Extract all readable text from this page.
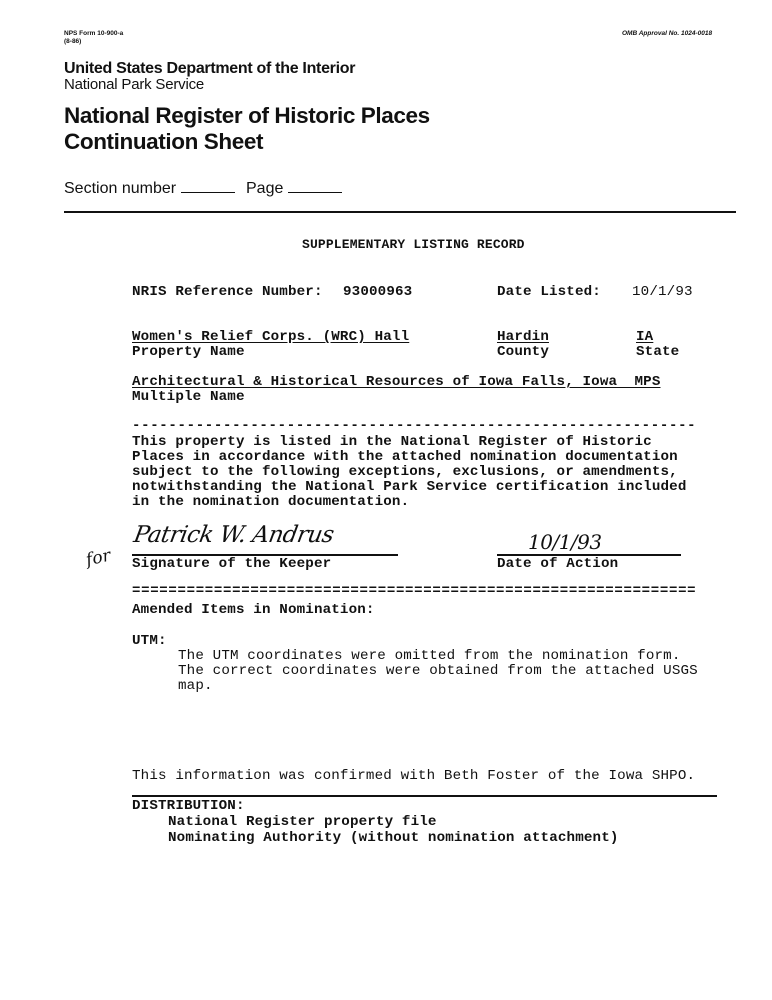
NPS Form 10-900-a
(8-86)
OMB Approval No. 1024-0018
United States Department of the Interior
National Park Service
National Register of Historic Places
Continuation Sheet
Section number	Page
SUPPLEMENTARY LISTING RECORD
NRIS Reference Number: 93000963	Date Listed: 10/1/93
Women's Relief Corps. (WRC) Hall	Hardin	IA
Property Name	County	State
Architectural & Historical Resources of Iowa Falls, Iowa  MPS
Multiple Name
--------------------------------------------------------------
This property is listed in the National Register of Historic
Places in accordance with the attached nomination documentation
subject to the following exceptions, exclusions, or amendments,
notwithstanding the National Park Service certification included
in the nomination documentation.
Patrick W. Andrus
for Signature of the Keeper
10/1/93
Date of Action
==============================================================
Amended Items in Nomination:
UTM:
The UTM coordinates were omitted from the nomination form.
The correct coordinates were obtained from the attached USGS
map.
This information was confirmed with Beth Foster of the Iowa SHPO.
DISTRIBUTION:
National Register property file
Nominating Authority (without nomination attachment)
